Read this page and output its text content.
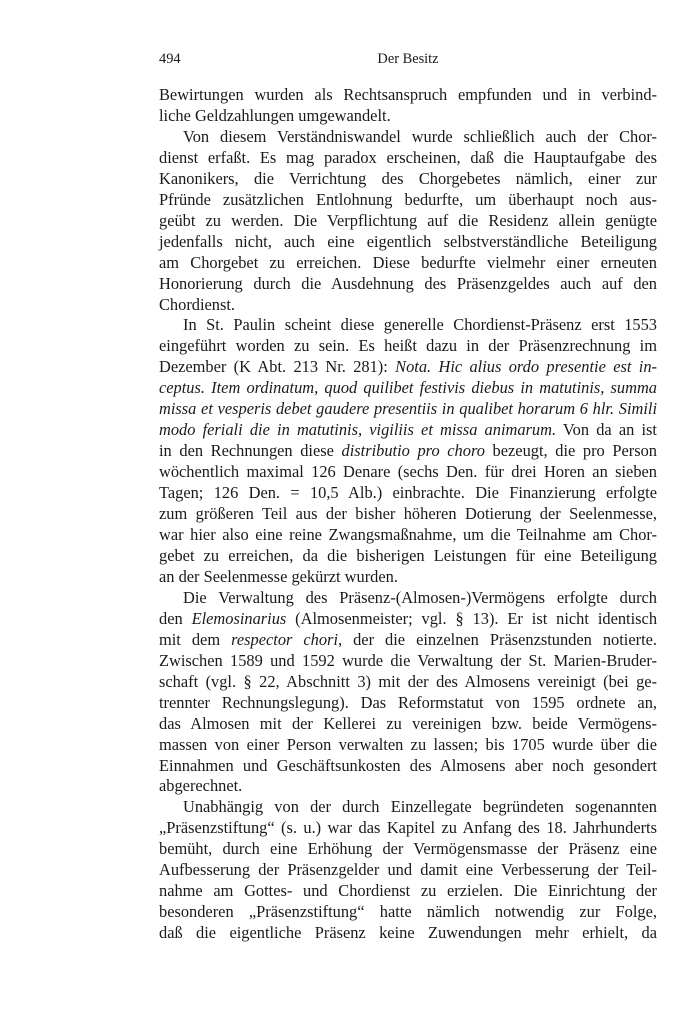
494	Der Besitz

Bewirtungen wurden als Rechtsanspruch empfunden und in verbind-
liche Geldzahlungen umgewandelt.

Von diesem Verständniswandel wurde schließlich auch der Chor-
dienst erfaßt. Es mag paradox erscheinen, daß die Hauptaufgabe des
Kanonikers, die Verrichtung des Chorgebetes nämlich, einer zur
Pfründe zusätzlichen Entlohnung bedurfte, um überhaupt noch aus-
geübt zu werden. Die Verpflichtung auf die Residenz allein genügte
jedenfalls nicht, auch eine eigentlich selbstverständliche Beteiligung
am Chorgebet zu erreichen. Diese bedurfte vielmehr einer erneuten
Honorierung durch die Ausdehnung des Präsenzgeldes auch auf den
Chordienst.

In St. Paulin scheint diese generelle Chordienst-Präsenz erst 1553
eingeführt worden zu sein. Es heißt dazu in der Präsenzrechnung im
Dezember (K Abt. 213 Nr. 281): Nota. Hic alius ordo presentie est in-
ceptus. Item ordinatum, quod quilibet festivis diebus in matutinis, summa
missa et vesperis debet gaudere presentiis in qualibet horarum 6 hlr. Simili
modo feriali die in matutinis, vigiliis et missa animarum. Von da an ist
in den Rechnungen diese distributio pro choro bezeugt, die pro Person
wöchentlich maximal 126 Denare (sechs Den. für drei Horen an sieben
Tagen; 126 Den. = 10,5 Alb.) einbrachte. Die Finanzierung erfolgte
zum größeren Teil aus der bisher höheren Dotierung der Seelenmesse,
war hier also eine reine Zwangsmaßnahme, um die Teilnahme am Chor-
gebet zu erreichen, da die bisherigen Leistungen für eine Beteiligung
an der Seelenmesse gekürzt wurden.

Die Verwaltung des Präsenz-(Almosen-)Vermögens erfolgte durch
den Elemosinarius (Almosenmeister; vgl. § 13). Er ist nicht identisch
mit dem respector chori, der die einzelnen Präsenzstunden notierte.
Zwischen 1589 und 1592 wurde die Verwaltung der St. Marien-Bruder-
schaft (vgl. § 22, Abschnitt 3) mit der des Almosens vereinigt (bei ge-
trennter Rechnungslegung). Das Reformstatut von 1595 ordnete an,
das Almosen mit der Kellerei zu vereinigen bzw. beide Vermögens-
massen von einer Person verwalten zu lassen; bis 1705 wurde über die
Einnahmen und Geschäftsunkosten des Almosens aber noch gesondert
abgerechnet.

Unabhängig von der durch Einzellegate begründeten sogenannten
„Präsenzstiftung“ (s. u.) war das Kapitel zu Anfang des 18. Jahrhunderts
bemüht, durch eine Erhöhung der Vermögensmasse der Präsenz eine
Aufbesserung der Präsenzgelder und damit eine Verbesserung der Teil-
nahme am Gottes- und Chordienst zu erzielen. Die Einrichtung der
besonderen „Präsenzstiftung“ hatte nämlich notwendig zur Folge,
daß die eigentliche Präsenz keine Zuwendungen mehr erhielt, da
